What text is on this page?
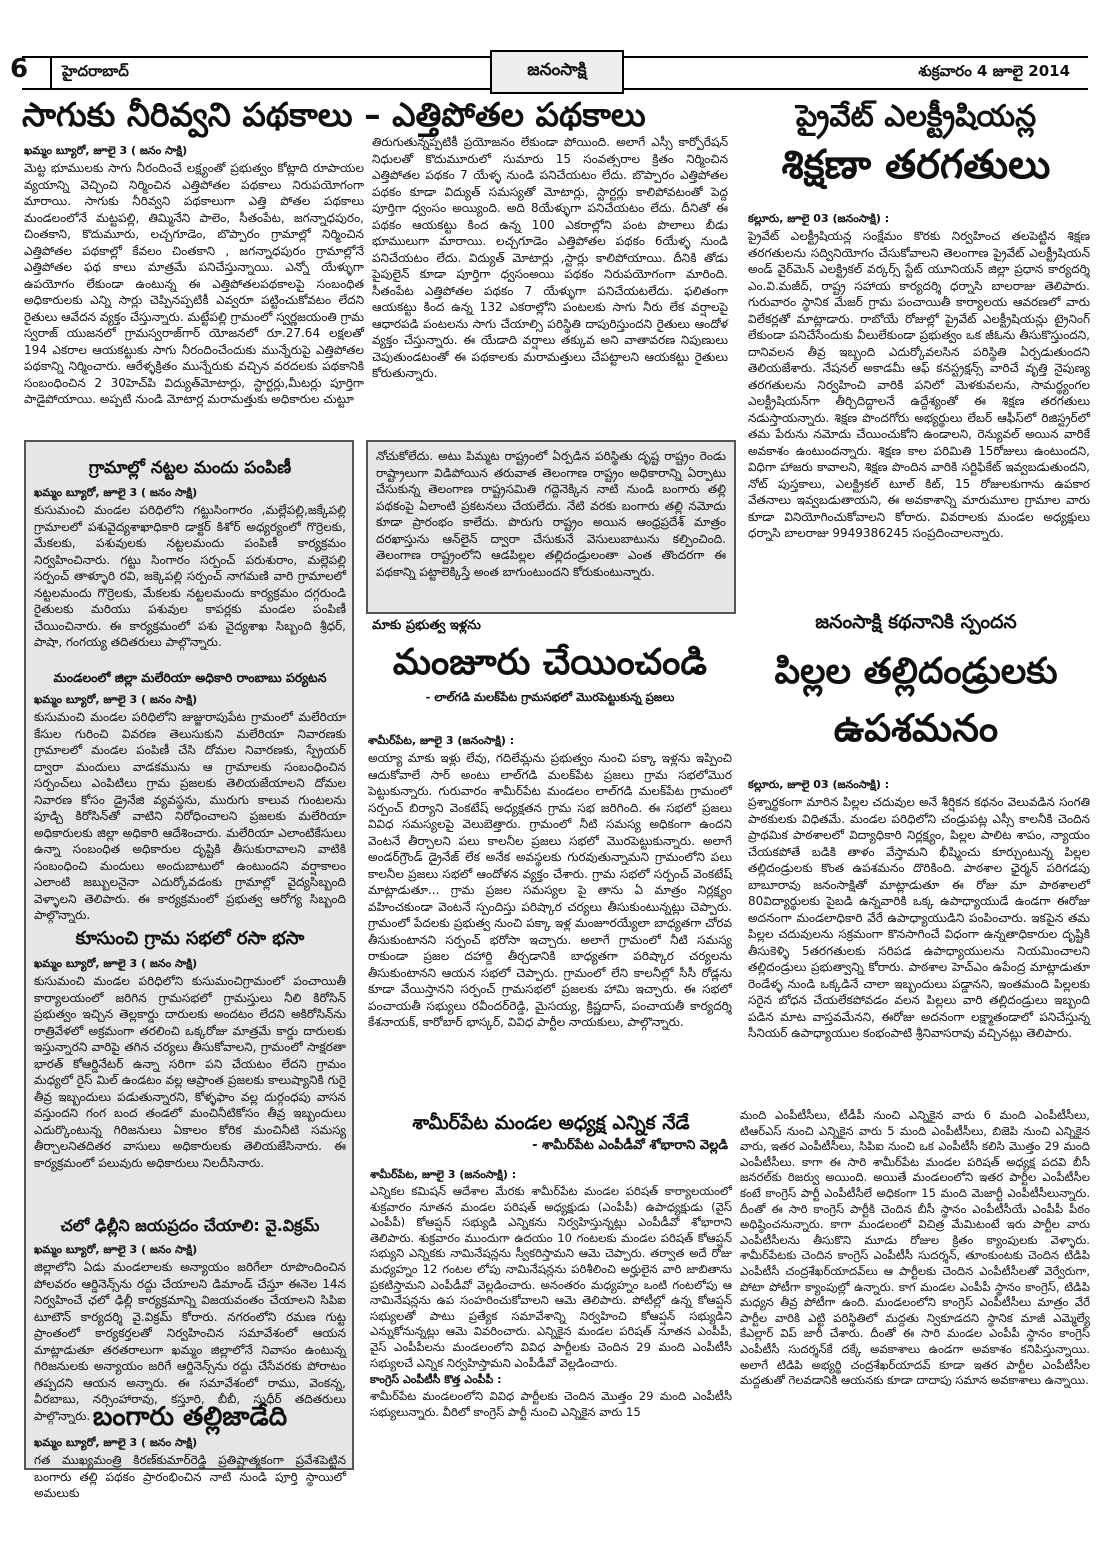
6 హైదరాబాద్	జనంసాక్షి	శుక్రవారం 4 జూలై 2014
సాగుకు నీరివ్వని పథకాలు – ఎత్తిపోతల పథకాలు

ఖమ్మం బ్యూరో, జూలై 3 ( జనం సాక్షి)

మెట్ట భూములకు సాగు నీరందించే లక్ష్యంతో ప్రభుత్వం కోట్లాది రూపాయల వ్యయాన్ని వెచ్చించి నిర్మించిన ఎత్తిపోతల పథకాలు నిరుపయోగంగా మారాయి. సాగుకు నీరివ్వని పథకాలుగా ఎత్తి పోతల పథకాలు మండలంలోనే మట్టపల్లి, తిమ్మినేని పాలెం, సీతంపేట, జగన్నాధపురం, చింతకాని, కొదుమూరు, లచ్చగూడెం, బొప్పారం గ్రామాల్లో నిర్మించిన ఎత్తిపోతల పథకాల్లో కేవలం చింతకాని , జగన్నాధపురం గ్రామాల్లోనే ఎత్తిపోతల ఫథ కాలు మాత్రమే పనిచేస్తున్నాయి. ఎన్నో యేళ్ళుగా ఉపయోగం లేకుండా ఉంటున్న ఈ ఎత్తిపోతలపథకాలపై సంబంధిత అధికారులకు ఎన్ని సార్లు చెప్పినప్పటికీ ఎవ్వరూ పట్టించుకోవటం లేదని రైతులు ఆవేదన వ్యక్తం చేస్తున్నారు. మట్టేపల్లి గ్రామంలో స్వర్ణజయంతి గ్రామ స్వరాజ్ యుజనలో గ్రామస్వరాజ్‌గార్ యోజనలో రూ.27.64 లక్షలతో 194 ఎకరాల ఆయకట్టుకు సాగు నీరందించేందుకు మున్నేరుపై ఎత్తిపోతల పథకాన్ని నిర్మించారు. ఆరేళ్ళక్రితం మున్నేరుకు వచ్చిన వరదలకు పథకానికి సంబంధించిన 2 30హెచ్‌పి విద్యుత్‌మోటార్లు, స్టార్టర్లు,మీటర్లు పూర్తిగా పాడైపోయాయి. అప్పటి నుండి మోటార్ల మరామత్తుకు అధికారుల చుట్టూ

తిరుగుతున్నప్పటికీ ప్రయోజనం లేకుండా పోయింది. అలాగే ఎస్సీ కార్పోరేషన్ నిధులతో కొదుమూరులో సుమారు 15 సంవత్సరాల క్రితం నిర్మించిన ఎత్తిపోతల పథకం 7 యేళ్ళ నుండి పనిచేయటం లేదు. బొప్పారం ఎత్తిపోతల పథకం కూడా విద్యుత్ సమస్యతో మోటార్లు, స్టార్టర్లు కాలిపోవటంతో పెద్ద పూర్తిగా ధ్వంసం అయ్యింది. అది 8యేళ్ళుగా పనిచేయటం లేదు. దీనితో ఈ పథకం ఆయకట్టు కింద ఉన్న 100 ఎకరాల్లోని పంట పొలాలు బీడు భూములుగా మారాయి. లచ్చగూడెం ఎత్తిపోతల పథకం 6యేళ్ళ నుండి పనిచేయటం లేదు. విద్యుత్ మోటార్లు ,స్టార్లు కాలిపోయాయి. దీనికి తోడు పైపులైన్ కూడా పూర్తిగా ధ్వసంఅయి పథకం నిరుపయోగంగా మారింది. సీతంపేట ఎత్తిపోతల పథకం 7 యేళ్ళుగా పనిచేయటలేదు. ఫలితంగా ఆయకట్టు కింద ఉన్న 132 ఎకరాల్లోని పంటలకు సాగు నీరు లేక వర్షాలపై ఆధారపడి పంటలను సాగు చేయాల్సి పరిస్థితి దాపురిస్తుందని రైతులు ఆందోళ వ్యక్తం చేస్తున్నారు. ఈ యేడాది వర్షాలు తక్కువ అని వాతావరణ నిపుణులు చెపుతుండటంతో ఈ పథకాలకు మరామత్తులు చేపట్టాలని ఆయకట్టు రైతులు కోరుతున్నారు.

ప్రైవేట్ ఎలక్ట్రీషియన్ల
శిక్షణా తరగతులు

కల్లూరు, జూలై 03 (జనంసాక్షి) :

ప్రైవేట్ ఎలక్ట్రీషియన్ల సంక్షేమం కొరకు నిర్వహించ తలపెట్టిన శిక్షణ తరగతులను సద్వినియోగం చేసుకోవాలని తెలంగాణ ప్రైవేట్ ఎలక్ట్రీషియన్ అండ్ వైర్‌మెన్ ఎలక్ట్రికల్ వర్కర్స్ స్టేట్ యూనియన్ జిల్లా ప్రధాన కార్యదర్శి ఎం.వి.మజీద్, రాష్ట్ర సహాయ కార్యదర్శి ధర్నాసి బాలరాజు తెలిపారు. గురువారం స్థానిక మేజర్ గ్రామ పంచాయితీ కార్యాలయ ఆవరణలో వారు విలేకర్లతో మాట్లాడారు. రాబోయే రోజుల్లో ప్రైవేట్ ఎలక్ట్రీషియన్లు ట్రైనింగ్ లేకుండా పనిచేసేందుకు వీలులేకుండా ప్రభుత్వం ఒక జీఓను తీసుకొస్తుందని, దానివలన తీవ్ర ఇబ్బంది ఎదుర్కోవలసిన పరిస్థితి ఏర్పడుతుందని తెలియజేశారు. నేషనల్ అకాడమీ ఆఫ్ కనస్ట్రక్షన్స్ వారిచే వృత్తి నైపుణ్య తరగతులను నిర్వహించి వారికి పనిలో మెళకువలను, సామర్థ్యంగల ఎలక్ట్రీషియన్‌గా తీర్చిదిద్దాలనే ఉద్దేశ్యంతో ఈ శిక్షణ తరగతులు నడుస్తాయన్నారు. శిక్షణ పొందగోరు అభ్యర్థులు లేబర్ ఆఫీస్‌లో రిజిస్ట్రర్‌లో తమ పేరును నమోదు చేయించుకోని ఉండాలని, రెన్యువల్ అయిన వారికే అవకాశం ఉంటుందన్నారు. శిక్షణ కాల పరిమితి 15రోజులు ఉంటుందని, విధిగా హాజరు కావాలని, శిక్షణ పొందిన వారికి సర్టిఫికేట్ ఇవ్వబడుతుందని, నోట్ పుస్తకాలు, ఎలక్ట్రికల్ టూల్ కిట్, 15 రోజులకుగాను ఉపకార వేతనాలు ఇవ్వబడుతాయని, ఈ అవకాశాన్ని మారుమూల గ్రామాల వారు కూడా వినియోగించుకోవాలని కోరారు. వివరాలకు మండల అధ్యక్షులు ధర్నాసి బాలరాజు 9949386245 సంప్రదించాలన్నారు.

గ్రామాల్లో నట్టల మందు పంపిణీ

ఖమ్మం బ్యూరో, జూలై 3 ( జనం సాక్షి)

కుసుమంచి మండల పరిధిలోని గట్టుసింగారం ,మల్లేపల్లి,జక్కేపల్లి గ్రామాలలో పశువైద్యశాఖాధికారి డాక్టర్ కిశోర్ అధ్యర్యంలో గొర్రెలకు, మేకలకు, పశువులకు నట్టలమందు పంపిణీ కార్యక్రమం నిర్వహించినారు. గట్టు సింగారం సర్పంచ్ పరుశురాం, మల్లెపల్లి సర్పంచ్ తాళ్ళూరి రవి, జక్కెపల్లి సర్పంచ్ నాగమణి వారి గ్రామాలలో నట్టలమందు గొర్రెలకు, మేకలకు నట్టలమందు కార్యక్రమం దగ్గరుండి రైతులకు మరియు పశువుల కాపర్లకు మండల పంపిణీ చేయించినారు. ఈ కార్యక్రమంలో పశు వైద్యశాఖ సిబ్బంది శ్రీధర్, పాషా, గంగయ్య తదితరులు పాల్గొన్నారు.

మండలంలో జిల్లా మలేరియా అధికారి రాంబాబు పర్యటన

ఖమ్మం బ్యూరో, జూలై 3 ( జనం సాక్షి)

కుసుమంచి మండల పరిధిలోని జుజ్జురాపుపేట గ్రామంలో మలేరియా కేసుల గురించి వివరణ తెలుసుకుని మలేరియా నివారణకు గ్రామాలలో మండల పంపిణీ చేసి దోమల నివారణకు, స్ప్రేయర్ ద్వారా మందులు వాడకమును ఆ గ్రామాలకు సంబంధించిన సర్పంచ్‌లు ఎంపిటిలు గ్రామ ప్రజలకు తెలియజేయాలని దోమల నివారణ కోసం డ్రైనేజి వ్యవస్థను, మురుగు కాలువ గుంటలను పూడ్చి కిరోసిన్‌తో వాటిని నిరోధించాలని ప్రజలకు మలేరియా అధికారులకు జిల్లా అధికారి ఆదేశించారు. మలేరియా ఎలాంటికేసులు ఉన్నా సంబంధిత అధికారుల దృష్టికి తీసుకురావాలని వాటికి సంబంధించి మందులు అందుబాటులో ఉంటుందని వర్షాకాలం ఎలాంటి జబ్బులనైనా ఎదుర్కోవడంకు గ్రామాల్లో వైద్యసిబ్బంది వెళ్ళాలని తెలిపారు. ఈ కార్యక్రమంలో ప్రభుత్వ ఆరోగ్య సిబ్బంది పాల్గొన్నారు.

కూసుంచి గ్రామ సభలో రసా భసా

ఖమ్మం బ్యూరో, జూలై 3 ( జనం సాక్షి)

కుసుమంచి మండల పరిధిలోని కుసుమంచిగ్రామంలో పంచాయితీ కార్యాలయంలో జరిగిన గ్రామసభలో గ్రామస్తులు నీలి కిరోసిన్ ప్రభుత్వం ఇచ్చిన తెల్లకార్డు దారులకు అందటం లేదని అకిరోసిన్‌ను రాత్రివేళలో అక్రమంగా తరలించి ఒక్కరోజు మాత్రమే కార్డు దారులకు ఇస్తున్నారని వారిపై తగిన చర్యలు తీసుకోవాలని, గ్రామంలో సాక్షరతా భారత్ కోఆర్డినేటర్ ఉన్నా సరిగా పని చేయటం లేదని గ్రామం మధ్యలో రైస్ మిల్ ఉండటం వల్ల ఆప్రాంత ప్రజలకు కాలుష్యానికి గురై తీవ్ర ఇబ్బందులు పడుతున్నారని, కోళ్ళఫాం వల్ల దుర్గంధపు వాసన వస్తుందని గంగ బంద తండలో మంచినీటికోసం తీవ్ర ఇబ్బందులు ఎదుర్కొంటున్న గిరిజనులు ఏకాలం కోరిక మంచినీటి సమస్య తీర్చాలనితదితర వాసులు అధికారులకు తెలియజేసినారు. ఈ కార్యక్రమంలో పలువురు అధికారులు నిలదీసినారు.

చలో ఢిల్లీని జయప్రదం చేయాలి: వై.విక్రమ్

ఖమ్మం బ్యూరో, జూలై 3 ( జనం సాక్షి)

జిల్లాలోని ఏడు మండలాలకు అన్యాయం జరిగేలా రూపొందించిన పోలవరం ఆర్డినెన్స్‌ను రద్దు చేయాలని డిమాండ్ చేస్తూ ఈనెల 14న నిర్వహించే ఛలో ఢిల్లీ కార్యక్రమాన్ని విజయవంతం చేయాలని సిపిఐ టూటౌన్ కార్యదర్శి వై.విక్రమ్ కోరారు. నగరంలోని రమణ గుట్ట ప్రాంతంలో కార్యకర్తలతో నిర్వహించిన సమావేశంలో ఆయన మాట్లాడుతూ తరతరాలుగా ఖమ్మం జిల్లాలోనే నివాసం ఉంటున్న గిరిజనులకు అన్యాయం జరిగే ఆర్డినెన్స్‌ను రద్దు చేసేవరకు పోరాటం తప్పదని ఆయన అన్నారు. ఈ సమావేశంలో రాము, వెంకన్న, వీరబాబు, నర్సింహారావు, కస్తూరి, బీబీ, సుధీర్ తదితరులు పాల్గొన్నారు. బంగారు తల్లిజాడేది

ఖమ్మం బ్యూరో, జూలై 3 ( జనం సాక్షి)

గత ముఖ్యమంత్రి కిరణ్‌కుమార్‌రెడ్డి ప్రతిష్టాత్మకంగా ప్రవేశపెట్టిన బంగారు తల్లి పథకం ప్రారంభించిన నాటి నుండి పూర్తి స్థాయిలో అమలుకు

నోచుకోలేదు. అటు పిమ్మట రాష్ట్రంలో ఏర్పడిన పరిస్థితు దృష్ట రాష్ట్రం రెండు రాష్ట్రాలుగా విడిపోయిన తరువాత తెలంగాణ రాష్ట్రం అధికారాన్ని ఏర్పాటు చేసుకున్న తెలంగాణ రాష్ట్రసమితి గద్దెనెక్కిన నాటి నుండి బంగారు తల్లి పథకంపై ఏలాంటి ప్రకటనలు చేయలేదు. నేటి వరకు బంగారు తల్లి నమోదు కూడా ప్రారంభం కాలేదు. పొరుగు రాష్ట్రం అయిన ఆంధ్రప్రదేశ్ మాత్రం దరఖాస్తును ఆన్‌లైన్ ద్వారా చేసుకునే వెసులుబాటును కల్పించింది. తెలంగాణ రాష్ట్రంలోని ఆడపిల్లల తల్లిదండ్రులంతా ఎంత తొందరగా ఈ పథకాన్ని పట్టాలెక్కిస్తే అంత బాగుంటుందని కోరుకుంటున్నారు.

మాకు ప్రభుత్వ ఇళ్లను
మంజూరు చేయించండి
- లాల్‌గడి మలక్‌పేట గ్రామసభలో మొరపెట్టుకున్న ప్రజలు

శామీర్‌పేట, జూలై 3 (జనంసాక్షి) :

అయ్యా మాకు ఇళ్లు లేవు, గదిలేమ్లను ప్రభుత్వం నుంచి పక్కా ఇళ్లను ఇప్పించి ఆదుకోవాలే సార్ అంటు లాల్‌గడి మలక్‌పేట ప్రజలు గ్రామ సభలోమొర పెట్టుకున్నారు. గురువారం శామీర్‌పేట మండలం లాల్‌గడి మలక్‌పేట గ్రామంలో సర్పంచ్ బిర్యాని వెంకటేష్ అధ్యక్షతన గ్రామ సభ జరిగింది. ఈ సభలో ప్రజలు వివిధ సమస్యలపై వెలుబెత్తారు. గ్రామంలో నీటి సమస్య అధికంగా ఉందని వెంటనే తీర్చాలని పలు కాలనీల ప్రజలు సభలో మొరపెట్టుకున్నారు. అలాగే అండర్‌గ్రౌండ్ డ్రైనేజ్ లేక అనేక అవస్థలకు గురవుతున్నామని గ్రామంలోని పలు కాలనీల ప్రజలు సభలో ఆందోళన వ్యక్తం చేశారు. గ్రామ సభలో సర్పంచ్ వెంకటేష్ మాట్లాడుతూ... గ్రామ ప్రజల సమస్యల పై తాను ఏ మాత్రం నిర్లక్ష్యం వహించకుండా వెంటనే స్పందిస్తు పరిష్కార చర్యలు తీసుకుంటున్నట్లు చెప్పారు. గ్రామంలో పేదలకు ప్రభుత్వ నుంచి పక్కా ఇళ్ల మంజూరయ్యేలా బాధ్యతగా చోరవ తీసుకుంటానని సర్పంచ్ భరోసా ఇచ్చారు. అలాగే గ్రామంలో నీటి సమస్య రాకుండా ప్రజల దహార్ది తీర్చడానికి బాధ్యతగా పరిష్కార చర్యలను తీసుకుంటానని ఆయన సభలో చెప్పారు. గ్రామంలో లేని కాలనీల్లో సీసీ రోడ్లను కూడా వేయిస్తానని సర్పంచ్ గ్రామసభలో ప్రజలకు హామి ఇచ్చారు. ఈ సభలో పంచాయతీ సభ్యులు రవీందర్‌రెడ్డి, మైసయ్య, క్రిష్ణదాస్, పంచాయతీ కార్యదర్శి కేశనాయక్, కారోబార్ భాస్కర్, వివిధ పార్టీల నాయకులు, పాల్గొన్నారు.

జనంసాక్షి కథనానికి స్పందన
పిల్లల తల్లిదండ్రులకు
ఉపశమనం

కల్లూరు, జూలై 03 (జనంసాక్షి) :

ప్రశ్నార్థకంగా మారిన పిల్లల చదువుల అనే శీర్షికన కథనం వెలువడిన సంగతి పాఠకులకు విధితమే. మండల పరిధిలోని చండ్రుపట్ల ఎస్సీ కాలనీకి చెందిన ప్రాథమిక పాఠశాలలో విద్యాధికారి నిర్లక్ష్యం, పిల్లల పాలిట శాపం, న్యాయం చేయకపోతే బడికి తాళం వేస్తామని భీష్మించు కూర్చుంటున్న పిల్లల తల్లిదండ్రులకు కొంత ఉపశమనం దొరికింది. పాఠశాల ఛైర్మన్ పరిగడపు బాబూరావు జనంసాక్షితో మాట్లాడుతూ ఈ రోజు మా పాఠశాలలో 80విద్యార్థులకు పైబడి ఉన్నవారికి ఒక్క ఉపాధ్యాయుడే ఉండగా ఈరోజు అదనంగా మండలాధికారి వేరే ఉపాధ్యాయుడిని పంపించారు. ఇకపైన తమ పిల్లల చదువులను సక్రమంగా కొనసాగించే విధంగా ఉన్నతాధికారుల దృష్టికి తీసుకెళ్ళి 5తరగతులకు సరిపడ ఉపాధ్యాయులను నియమించాలని తల్లిదండ్రులు ప్రభుత్వాన్ని కోరారు. పాఠశాల హెచ్‌ఎం ఉపేంద్ర మాట్లాడుతూ రెండేళ్ళ నుండి ఒక్కడినే చాలా ఇబ్బందులు పడ్డానని, ఇంతమంది పిల్లలకు సరైన బోధన చేయలేకపోవడం వలన పిల్లలు వారి తల్లిదండ్రులు ఇబ్బంది పడిన మాట వాస్తవమేనని, ఈరోజు అదనంగా లక్ష్మాతండాలో పనిచేస్తున్న సీనియర్ ఉపాధ్యాయుల కంభంపాటి శ్రీనివాసరావు వచ్చినట్లు తెలిపారు.

శామీర్‌పేట మండల అధ్యక్ష ఎన్నిక నేడే
- శామీర్‌పేట ఎంపీడీవో శోభారాని వెల్లడి

శామీర్‌పేట, జూలై 3 (జనంసాక్షి) :

ఎన్నికల కమిషన్ ఆదేశాల మేరకు శామీర్‌పేట మండల పరిషత్ కార్యాలయంలో శుక్రవారం నూతన మండల పరిషత్ అధ్యక్షుడు (ఎంపీపీ) ఉపాధ్యక్షుడు (వైస్ ఎంపీపీ) కోఆప్షన్ సభ్యుడి ఎన్నికను నిర్వహిస్తున్నట్లు ఎంపీడీవో శోభారాని తెలిపారు. శుక్రవారం ముందుగా ఉదయం 10 గంటలకు మండల పరిషత్ కోఆప్షన్ సభ్యుని ఎన్నికకు నామినేషన్లను స్వీకరిస్తామని ఆమె చెప్పారు. తర్వాత అదే రోజు మధ్యహ్నం 12 గంటల లోపు నామినేషన్లను పరిశీలించి అర్హులైన వారి జాబితాను ప్రకటిస్తామని ఎంపీడీవో వెల్లడించారు. అనంతరం మధ్యహ్నం ఒంటి గంటలోపు ఆ నామినేషన్లను ఉప సంహరించుకోవాలని ఆమె తెలిపారు. పోటీల్లో ఉన్న కోఆప్షన్ సభ్యులతో పాటు ప్రత్యేక సమావేశాన్ని నిర్వహించి కోఆప్షన్ సభ్యుడిని ఎన్నుకోనున్నట్లు ఆమె వివరించారు. ఎన్నికైన మండల పరిషత్ నూతన ఎంపీపీ, వైస్ ఎంపీపీలను మండలంలోని వివిధ పార్టీలకు చెందిన 29 మంది ఎంపీటీసీ సభ్యులచే ఎన్నిక నిర్వహిస్తామని ఎంపీడీవో వెల్లడించారు.

కాంగ్రెస్ ఎంపీటీసీ కొత్త ఎంపీపీ :

శామీర్‌పేట మండలంలోని వివిధ పార్టీలకు చెందిన మొత్తం 29 మంది ఎంపీటీసీ సభ్యులున్నారు. వీరిలో కాంగ్రెస్ పార్టీ నుంచి ఎన్నికైన వారు 15

మంది ఎంపీటీసీలు, టీడీపీ నుంచి ఎన్నికైన వారు 6 మంది ఎంపీటీసీలు, టిఆర్‌ఎస్ నుంచి ఎన్నికైన వారు 5 మంది ఎంపీటీసీలు, బిజెపి నుంచి ఎన్నికైన వారు, ఇతర ఎంపీటీసీలు, సిపిఐ నుంచి ఒక ఎంపీటీసీ కలిసి మొత్తం 29 మంది ఎంపీటీసీలు. కాగా ఈ సారి శామీర్‌పేట మండల పరిషత్ అధ్యక్ష పదవి బీసీ జనరల్‌కు రిజర్వు అయింది. అయితే మండలంలోని ఇతర పార్టీల ఎంపీటీసీల కంటే కాంగ్రెస్ పార్టీ ఎంపీటీసీలే అధికంగా 15 మంది మెజార్టీ ఎంపీటీసీలున్నారు. దీంతో ఈ సారి కాంగ్రెస్ పార్టీకి చెందిన బీసీ స్థానం ఎంపీటీసీయే ఎంపీపీ పీఠం అధిష్ఠించనున్నారు. కాగా మండలంలో విచిత్ర మేమిటంటే ఇరు పార్టీల వారు ఎంపీటీసీలను తీసుకొని మూడు రోజుల క్రితం క్యాంపులకు వెళ్ళారు. శామీర్‌పేటకు చెందిన కాంగ్రెస్ ఎంపీటీసీ సుదర్శన్, తూంకుంటకు చెందిన టిడిపి ఎంపీటీసీ చంద్రశేఖర్‌యాదవ్‌లు ఆ పార్టీలకు చెందిన ఎంపీటీసీలతో వెర్వేరుగా, పోటా పోటీగా క్యాంపుల్లో ఉన్నారు. కాగ మండల ఎంపీపీ స్థానం కాంగ్రెస్, టిడిపి మధ్యన తీవ్ర పోటీగా ఉంది. మండలంలోని కాంగ్రెస్ ఎంపీటీసీలు మాత్రం వేరే పార్టీల వారికి ఎట్టి పరిస్థితిలో మద్దతు న్వికూడదని స్థానిక మాజీ ఎమ్మెల్యే కేఎల్లార్ విప్ జారీ చేశారు. దీంతో ఈ సారి మండల ఎంపీపీ స్థానం కాంగ్రెస్ ఎంపీటీసీ సుదర్శన్‌కే దక్కే అవకాశాలు ఉండగా అవకాశం కనిపిస్తున్నాయి. అలాగే టిడిపి అభ్యర్థి చంద్రశేఖర్‌యాదవ్ కూడా ఇతర పార్టీల ఎంపీటీసీల మద్దతుతో గెలవడానికి ఆయనకు కూడా దాదాపు సమాన అవకాశాలు ఉన్నాయి.
